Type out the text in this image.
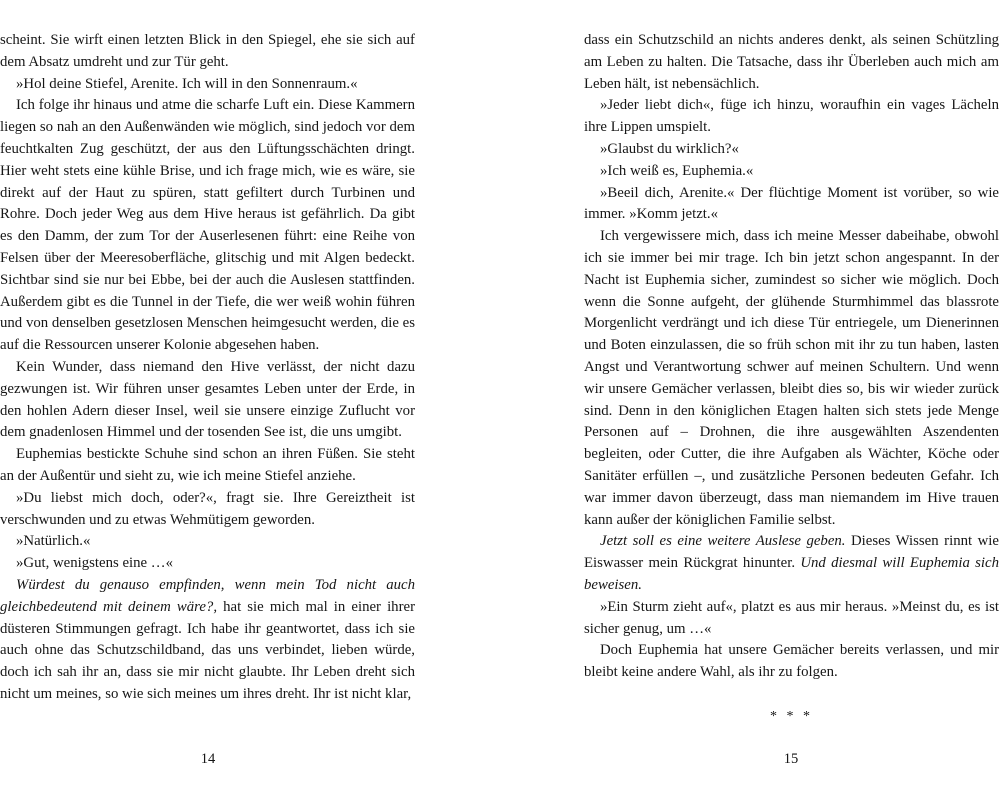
scheint. Sie wirft einen letzten Blick in den Spiegel, ehe sie sich auf dem Absatz umdreht und zur Tür geht.

»Hol deine Stiefel, Arenite. Ich will in den Sonnenraum.«

Ich folge ihr hinaus und atme die scharfe Luft ein. Diese Kammern liegen so nah an den Außenwänden wie möglich, sind jedoch vor dem feuchtkalten Zug geschützt, der aus den Lüftungsschächten dringt. Hier weht stets eine kühle Brise, und ich frage mich, wie es wäre, sie direkt auf der Haut zu spüren, statt gefiltert durch Turbinen und Rohre. Doch jeder Weg aus dem Hive heraus ist gefährlich. Da gibt es den Damm, der zum Tor der Auserlesenen führt: eine Reihe von Felsen über der Meeresoberfläche, glitschig und mit Algen bedeckt. Sichtbar sind sie nur bei Ebbe, bei der auch die Auslesen stattfinden. Außerdem gibt es die Tunnel in der Tiefe, die wer weiß wohin führen und von denselben gesetzlosen Menschen heimgesucht werden, die es auf die Ressourcen unserer Kolonie abgesehen haben.

Kein Wunder, dass niemand den Hive verlässt, der nicht dazu gezwungen ist. Wir führen unser gesamtes Leben unter der Erde, in den hohlen Adern dieser Insel, weil sie unsere einzige Zuflucht vor dem gnadenlosen Himmel und der tosenden See ist, die uns umgibt.

Euphemias bestickte Schuhe sind schon an ihren Füßen. Sie steht an der Außentür und sieht zu, wie ich meine Stiefel anziehe.

»Du liebst mich doch, oder?«, fragt sie. Ihre Gereiztheit ist verschwunden und zu etwas Wehmütigem geworden.

»Natürlich.«

»Gut, wenigstens eine …«

Würdest du genauso empfinden, wenn mein Tod nicht auch gleichbedeutend mit deinem wäre?, hat sie mich mal in einer ihrer düsteren Stimmungen gefragt. Ich habe ihr geantwortet, dass ich sie auch ohne das Schutzschildband, das uns verbindet, lieben würde, doch ich sah ihr an, dass sie mir nicht glaubte. Ihr Leben dreht sich nicht um meines, so wie sich meines um ihres dreht. Ihr ist nicht klar,

dass ein Schutzschild an nichts anderes denkt, als seinen Schützling am Leben zu halten. Die Tatsache, dass ihr Überleben auch mich am Leben hält, ist nebensächlich.

»Jeder liebt dich«, füge ich hinzu, woraufhin ein vages Lächeln ihre Lippen umspielt.

»Glaubst du wirklich?«

»Ich weiß es, Euphemia.«

»Beeil dich, Arenite.« Der flüchtige Moment ist vorüber, so wie immer. »Komm jetzt.«

Ich vergewissere mich, dass ich meine Messer dabeihabe, obwohl ich sie immer bei mir trage. Ich bin jetzt schon angespannt. In der Nacht ist Euphemia sicher, zumindest so sicher wie möglich. Doch wenn die Sonne aufgeht, der glühende Sturmhimmel das blassrote Morgenlicht verdrängt und ich diese Tür entriegele, um Dienerinnen und Boten einzulassen, die so früh schon mit ihr zu tun haben, lasten Angst und Verantwortung schwer auf meinen Schultern. Und wenn wir unsere Gemächer verlassen, bleibt dies so, bis wir wieder zurück sind. Denn in den königlichen Etagen halten sich stets jede Menge Personen auf – Drohnen, die ihre ausgewählten Aszendenten begleiten, oder Cutter, die ihre Aufgaben als Wächter, Köche oder Sanitäter erfüllen –, und zusätzliche Personen bedeuten Gefahr. Ich war immer davon überzeugt, dass man niemandem im Hive trauen kann außer der königlichen Familie selbst.

Jetzt soll es eine weitere Auslese geben. Dieses Wissen rinnt wie Eiswasser mein Rückgrat hinunter. Und diesmal will Euphemia sich beweisen.

»Ein Sturm zieht auf«, platzt es aus mir heraus. »Meinst du, es ist sicher genug, um …«

Doch Euphemia hat unsere Gemächer bereits verlassen, und mir bleibt keine andere Wahl, als ihr zu folgen.

* * *
14	15
